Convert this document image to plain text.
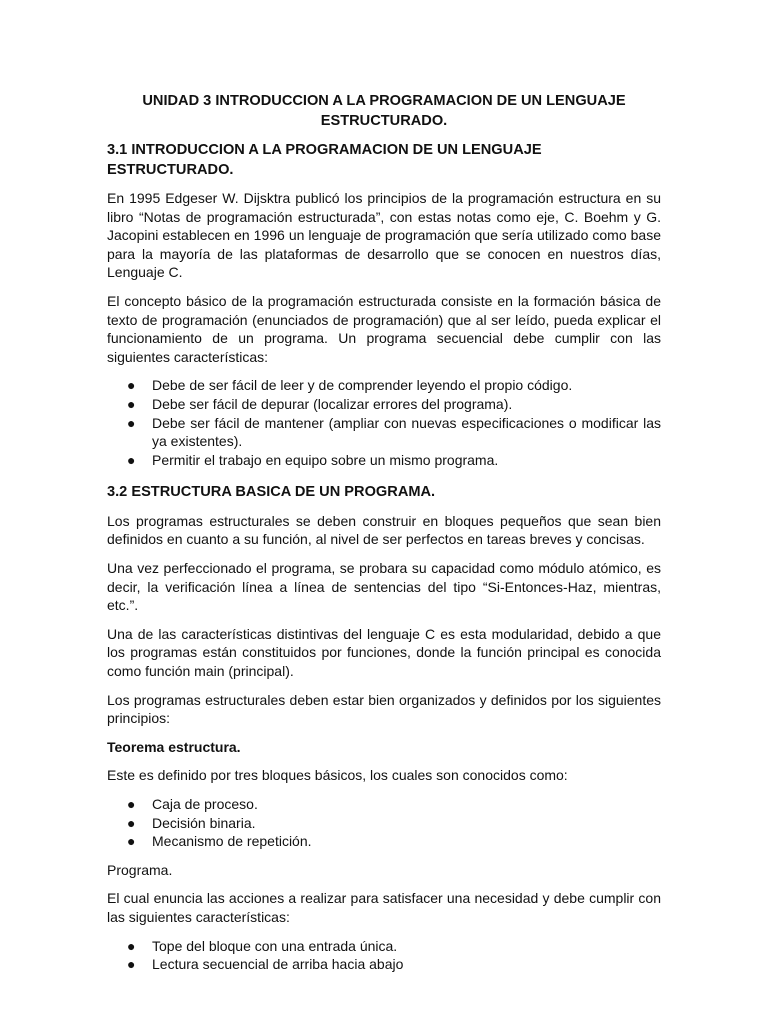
UNIDAD 3 INTRODUCCION A LA PROGRAMACION DE UN LENGUAJE ESTRUCTURADO.
3.1 INTRODUCCION A LA PROGRAMACION DE UN LENGUAJE ESTRUCTURADO.

En 1995 Edgeser W. Dijsktra publicó los principios de la programación estructura en su libro “Notas de programación estructurada”, con estas notas como eje, C. Boehm y G. Jacopini establecen en 1996 un lenguaje de programación que sería utilizado como base para la mayoría de las plataformas de desarrollo que se conocen en nuestros días, Lenguaje C.

El concepto básico de la programación estructurada consiste en la formación básica de texto de programación (enunciados de programación) que al ser leído, pueda explicar el funcionamiento de un programa. Un programa secuencial debe cumplir con las siguientes características:

● Debe de ser fácil de leer y de comprender leyendo el propio código.
● Debe ser fácil de depurar (localizar errores del programa).
● Debe ser fácil de mantener (ampliar con nuevas especificaciones o modificar las ya existentes).
● Permitir el trabajo en equipo sobre un mismo programa.
3.2 ESTRUCTURA BASICA DE UN PROGRAMA.

Los programas estructurales se deben construir en bloques pequeños que sean bien definidos en cuanto a su función, al nivel de ser perfectos en tareas breves y concisas.

Una vez perfeccionado el programa, se probara su capacidad como módulo atómico, es decir, la verificación línea a línea de sentencias del tipo “Si-Entonces-Haz, mientras, etc.”.

Una de las características distintivas del lenguaje C es esta modularidad, debido a que los programas están constituidos por funciones, donde la función principal es conocida como función main (principal).

Los programas estructurales deben estar bien organizados y definidos por los siguientes principios:

Teorema estructura.

Este es definido por tres bloques básicos, los cuales son conocidos como:

● Caja de proceso.
● Decisión binaria.
● Mecanismo de repetición.

Programa.

El cual enuncia las acciones a realizar para satisfacer una necesidad y debe cumplir con las siguientes características:

● Tope del bloque con una entrada única.
● Lectura secuencial de arriba hacia abajo
